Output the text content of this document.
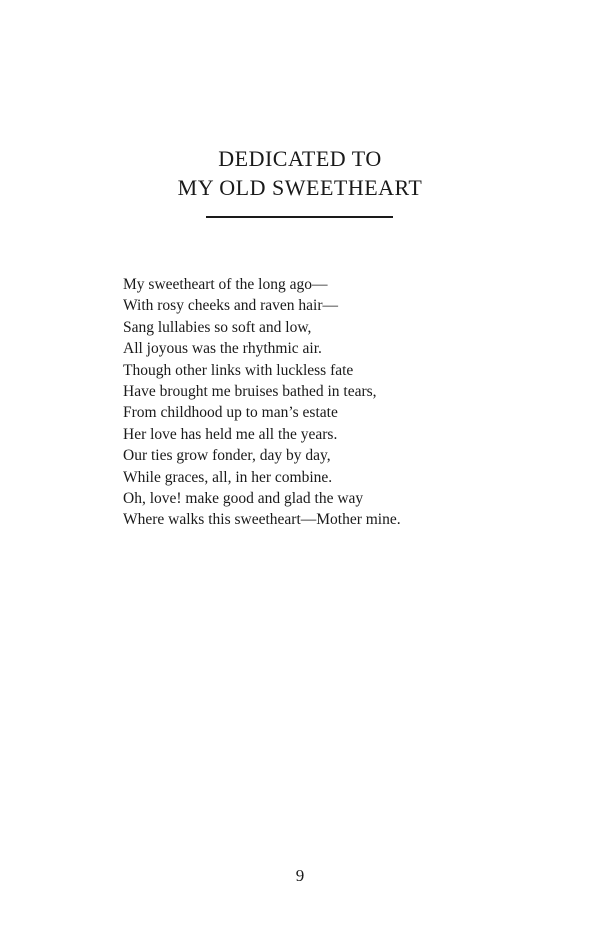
DEDICATED TO
MY OLD SWEETHEART
My sweetheart of the long ago—
With rosy cheeks and raven hair—
Sang lullabies so soft and low,
All joyous was the rhythmic air.
Though other links with luckless fate
Have brought me bruises bathed in tears,
From childhood up to man’s estate
Her love has held me all the years.
Our ties grow fonder, day by day,
While graces, all, in her combine.
Oh, love! make good and glad the way
Where walks this sweetheart—Mother mine.
9
